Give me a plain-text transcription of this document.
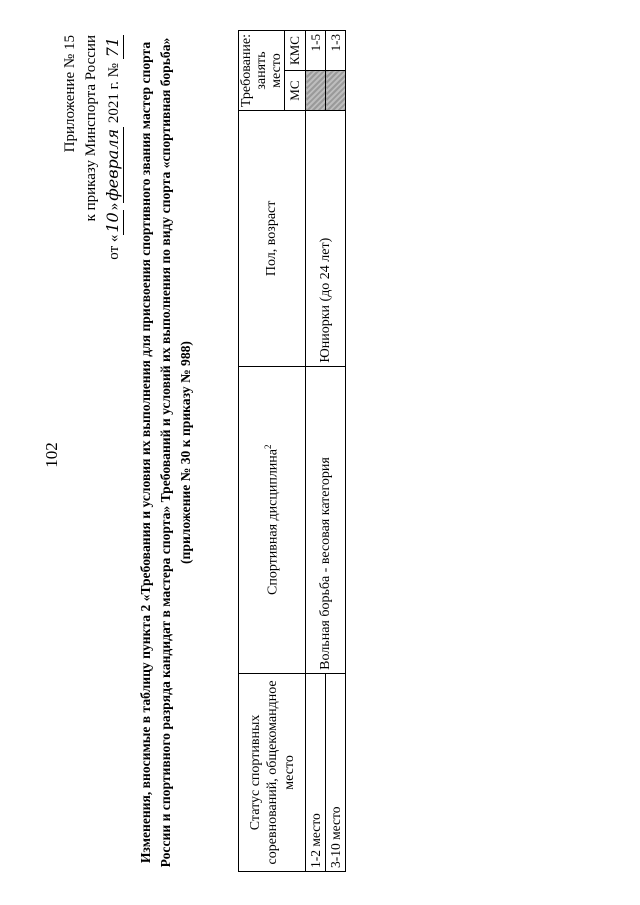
102
Приложение № 15 к приказу Минспорта России
от «10»февраля 2021 г. № 71 Изменения, вносимые в таблицу пункта 2 «Требования и условия их выполнения для присвоения спортивного звания мастер спорта России и спортивного разряда кандидат в мастера спорта» Требований и условий их выполнения по виду спорта «спортивная борьба» (приложение № 30 к приказу № 988)
Статус спортивных соревнований, общекомандное место	Спортивная дисциплина$^2$	Пол, возраст	Требование: занять место	
			МС	КМС
1-2 место	Вольная борьба - весовая категория	Юниорки (до 24 лет)		1-5
3-10 место				1-3
